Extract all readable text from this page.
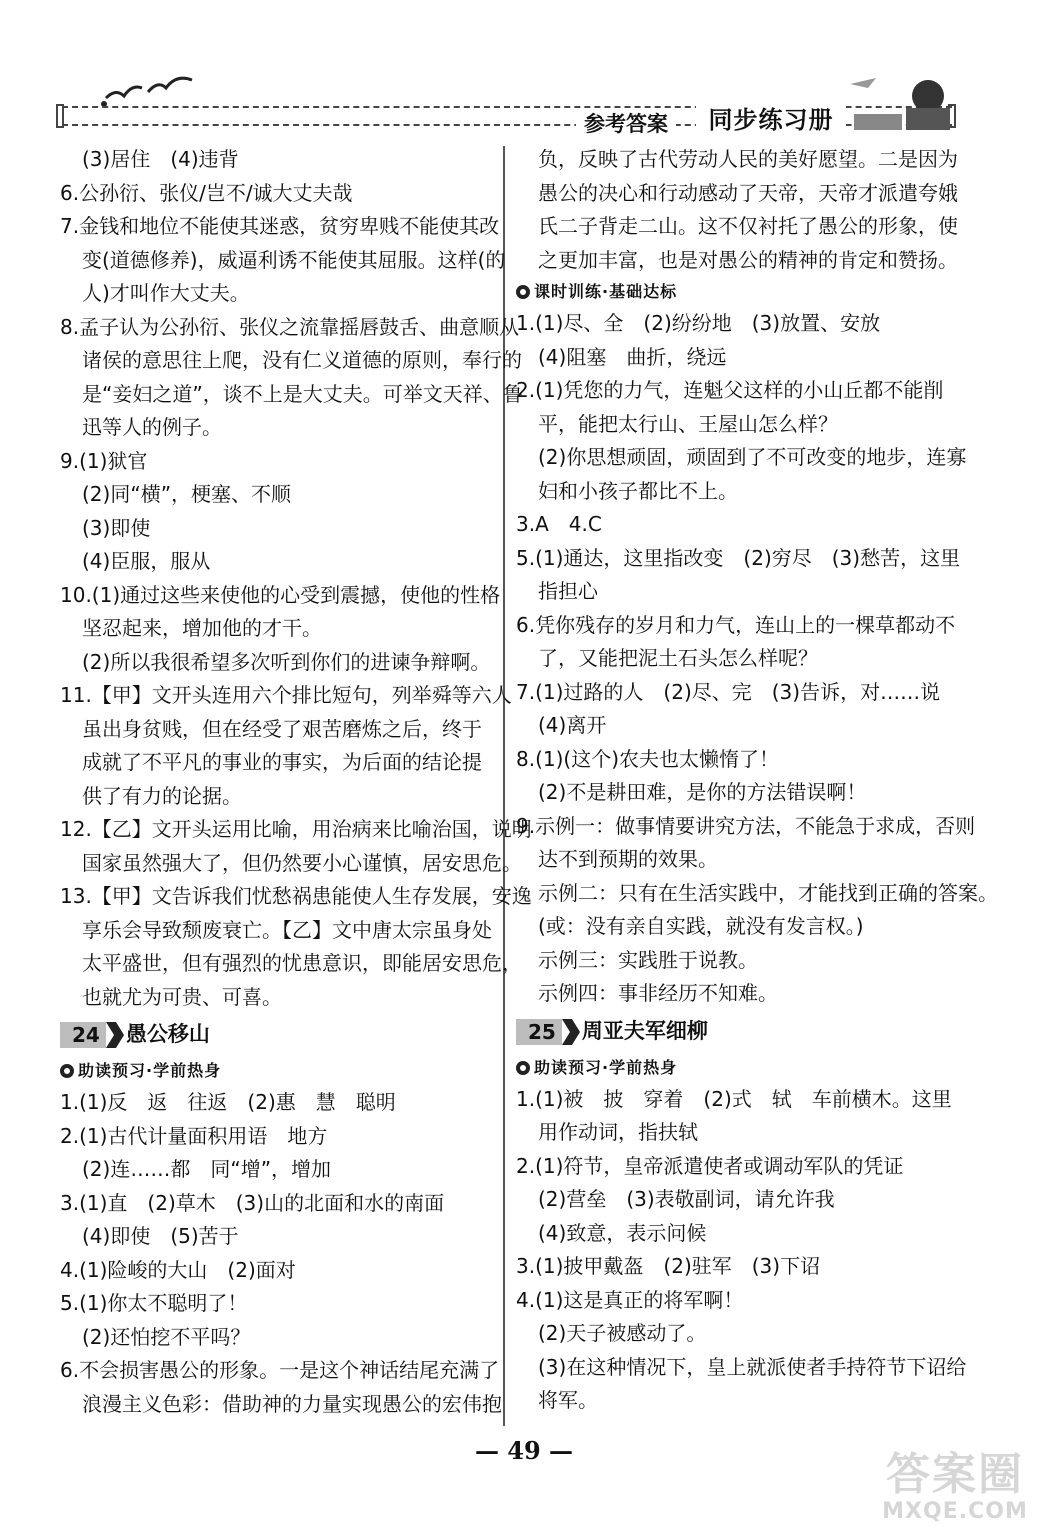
参考答案	同步练习册
(3)居住　(4)违背
6.公孙衍、张仪/岂不/诚大丈夫哉
7.金钱和地位不能使其迷惑，贫穷卑贱不能使其改
变(道德修养)，威逼利诱不能使其屈服。这样(的
人)才叫作大丈夫。
8.孟子认为公孙衍、张仪之流靠摇唇鼓舌、曲意顺从
诸侯的意思往上爬，没有仁义道德的原则，奉行的
是“妾妇之道”，谈不上是大丈夫。可举文天祥、鲁
迅等人的例子。
9.(1)狱官
(2)同“横”，梗塞、不顺
(3)即使
(4)臣服，服从
10.(1)通过这些来使他的心受到震撼，使他的性格
坚忍起来，增加他的才干。
(2)所以我很希望多次听到你们的进谏争辩啊。
11.【甲】文开头连用六个排比短句，列举舜等六人
虽出身贫贱，但在经受了艰苦磨炼之后，终于
成就了不平凡的事业的事实，为后面的结论提
供了有力的论据。
12.【乙】文开头运用比喻，用治病来比喻治国，说明
国家虽然强大了，但仍然要小心谨慎，居安思危。
13.【甲】文告诉我们忧愁祸患能使人生存发展，安逸
享乐会导致颓废衰亡。【乙】文中唐太宗虽身处
太平盛世，但有强烈的忧患意识，即能居安思危，
也就尤为可贵、可喜。
24 愚公移山
助读预习·学前热身
1.(1)反　返　往返　(2)惠　慧　聪明
2.(1)古代计量面积用语　地方
(2)连……都　同“增”，增加
3.(1)直　(2)草木　(3)山的北面和水的南面
(4)即使　(5)苦于
4.(1)险峻的大山　(2)面对
5.(1)你太不聪明了！
(2)还怕挖不平吗？
6.不会损害愚公的形象。一是这个神话结尾充满了
浪漫主义色彩：借助神的力量实现愚公的宏伟抱
负，反映了古代劳动人民的美好愿望。二是因为
愚公的决心和行动感动了天帝，天帝才派遣夸娥
氏二子背走二山。这不仅衬托了愚公的形象，使
之更加丰富，也是对愚公的精神的肯定和赞扬。
课时训练·基础达标
1.(1)尽、全　(2)纷纷地　(3)放置、安放
(4)阻塞　曲折，绕远
2.(1)凭您的力气，连魁父这样的小山丘都不能削
平，能把太行山、王屋山怎么样？
(2)你思想顽固，顽固到了不可改变的地步，连寡
妇和小孩子都比不上。
3.A　4.C
5.(1)通达，这里指改变　(2)穷尽　(3)愁苦，这里
指担心
6.凭你残存的岁月和力气，连山上的一棵草都动不
了，又能把泥土石头怎么样呢？
7.(1)过路的人　(2)尽、完　(3)告诉，对……说
(4)离开
8.(1)(这个)农夫也太懒惰了！
(2)不是耕田难，是你的方法错误啊！
9.示例一：做事情要讲究方法，不能急于求成，否则
达不到预期的效果。
示例二：只有在生活实践中，才能找到正确的答案。
(或：没有亲自实践，就没有发言权。)
示例三：实践胜于说教。
示例四：事非经历不知难。
25 周亚夫军细柳
助读预习·学前热身
1.(1)被　披　穿着　(2)式　轼　车前横木。这里
用作动词，指扶轼
2.(1)符节，皇帝派遣使者或调动军队的凭证
(2)营垒　(3)表敬副词，请允许我
(4)致意，表示问候
3.(1)披甲戴盔　(2)驻军　(3)下诏
4.(1)这是真正的将军啊！
(2)天子被感动了。
(3)在这种情况下，皇上就派使者手持符节下诏给
将军。
— 49 —	答案圈
MXQE.COM
